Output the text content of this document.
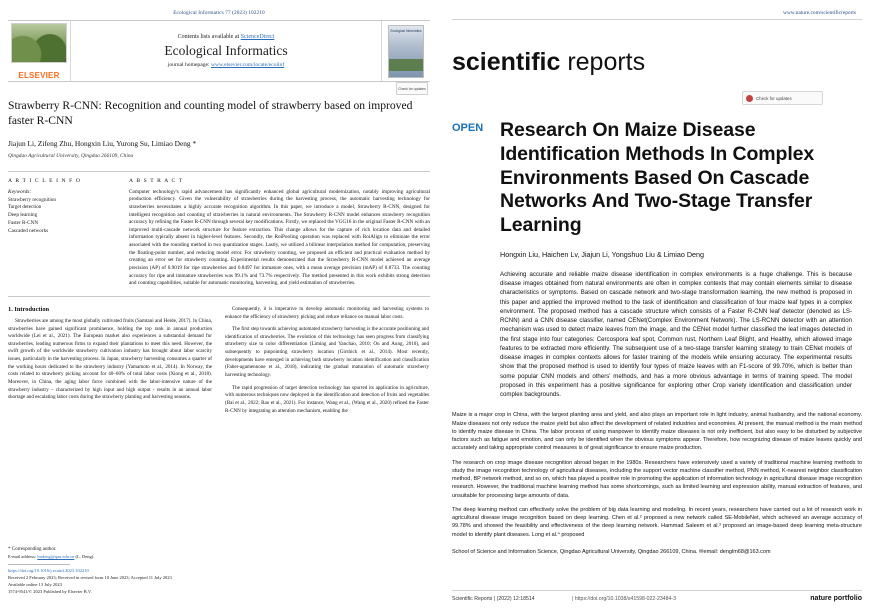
Ecological Informatics 77 (2023) 102210
ELSEVIER
Contents lists available at ScienceDirect
Ecological Informatics
journal homepage: www.elsevier.com/locate/ecolinf
Ecological Informatics
Check for updates
Strawberry R-CNN: Recognition and counting model of strawberry based on improved faster R-CNN
Jiajun Li, Zifeng Zhu, Hongxin Liu, Yurong Su, Limiao Deng *
Qingdao Agricultural University, Qingdao 266109, China
A R T I C L E I N F O
Keywords:
Strawberry recognition
Target detection
Deep learning
Faster R-CNN
Cascaded networks
A B S T R A C T
Computer technology's rapid advancement has significantly enhanced global agricultural modernization, notably improving agricultural production efficiency. Given the vulnerability of strawberries during the harvesting process, the automatic harvesting technology for strawberries necessitates a highly accurate recognition algorithm. In this paper, we introduce a model, Strawberry R-CNN, designed for intelligent recognition and counting of strawberries in natural environments. The Strawberry R-CNN model enhances strawberry recognition accuracy by refining the Faster R-CNN through several key modifications. Firstly, we replaced the VGG16 in the original Faster R-CNN with an improved multi-cascade network structure for feature extraction. This change allows for the capture of rich location data and detailed information typically absent in higher-level features. Secondly, the RoiPooling operation was replaced with RoiAlign to eliminate the error associated with the rounding method in two quantization stages. Lastly, we utilized a bilinear interpolation method for computation, preserving the floating-point number, and reducing model error. For strawberry counting, we proposed an efficient and practical evaluation method by creating an error set for strawberry counting. Experimental results demonstrated that the Strawberry R-CNN model achieved an average precision (AP) of 0.9019 for ripe strawberries and 0.8497 for immature ones, with a mean average precision (mAP) of 0.8733. The counting accuracy for ripe and immature strawberries was 99.1% and 73.7% respectively. The method presented in this work exhibits strong detection and counting capabilities, suitable for automatic monitoring, harvesting, and yield estimation of strawberries.
1. Introduction
Strawberries are among the most globally cultivated fruits (Samtani and Heide, 2017). In China, strawberries have gained significant prominence, holding the top rank in annual production worldwide (Lei et al., 2021). The European market also experiences a substantial demand for strawberries, leading numerous firms to expand their plantations to meet this need. However, the swift growth of the worldwide strawberry cultivation industry has brought about labor scarcity issues, particularly in the harvesting process. In Japan, strawberry harvesting consumes a quarter of the working hours dedicated to the strawberry industry (Yamamoto et al., 2014). In Norway, the costs related to strawberry picking account for 40–60% of total labor costs (Xiong et al., 2018). Moreover, in China, the aging labor force combined with the labor-intensive nature of the strawberry industry – characterized by high input and high output - results in an annual labor shortage and escalating labor costs during the strawberry planting and harvesting seasons.
Consequently, it is imperative to develop automatic monitoring and harvesting systems to enhance the efficiency of strawberry picking and reduce reliance on manual labor costs.
The first step towards achieving automated strawberry harvesting is the accurate positioning and identification of strawberries. The evolution of this technology has seen progress from classifying strawberry size to color differentiation (Liming and Yanchao, 2010; Ou and Aung, 2010), and subsequently to pinpointing strawberry location (Girshick et al., 2014). Most recently, developments have emerged in achieving both strawberry location identification and classification (Faber-agamennone et al., 2018), indicating the gradual maturation of automatic strawberry harvesting technology.
The rapid progression of target detection technology has spurred its application in agriculture, with numerous techniques now deployed in the identification and detection of fruits and vegetables (Bai et al., 2022; Rao et al., 2021). For instance, Wang et al., (Wang et al., 2020) refined the Faster R-CNN by integrating an attention mechanism, enabling the
* Corresponding author.
E-mail address: lmdeng@qau.edu.cn (L. Deng).
https://doi.org/10.1016/j.ecoinf.2023.102210
Received 2 February 2023; Received in revised form 10 June 2023; Accepted 11 July 2023
Available online 13 July 2023
1574-9541/© 2023 Published by Elsevier B.V.
www.nature.com/scientificreports
scientific reports
Check for updates
OPEN Research On Maize Disease Identification Methods In Complex Environments Based On Cascade Networks And Two-Stage Transfer Learning
Hongxin Liu, Haichen Lv, Jiajun Li, Yongshuo Liu & Limiao Deng
Achieving accurate and reliable maize disease identification in complex environments is a huge challenge. This is because disease images obtained from natural environments are often in complex contexts that may contain elements similar to disease characteristics or symptoms. Based on cascade network and two-stage transformation learning, the new method is proposed in this paper and applied the improved method to the task of identification and classification of four maize leaf types in a complex environment. The proposed method has a cascade structure which consists of a Faster R-CNN leaf detector (denoted as LS-RCNN) and a CNN disease classifier, named CENet(Complex Environment Network). The LS-RCNN detector with an attention mechanism was used to detect maize leaves from the image, and the CENet model further classified the leaf images detected in the first stage into four categories: Cercospora leaf spot, Common rust, Northern Leaf Blight, and Healthy, which allowed image features to be extracted more efficiently. The subsequent use of a two-stage transfer learning strategy to train CENet models of disease images in complex contexts allows for faster training of the models while ensuring accuracy. The experimental results show that the proposed method is used to identify four types of maize leaves with an F1-score of 99.70%, which is better than some popular CNN models and others' methods, and has a more obvious advantage in terms of training speed. The model proposed in this experiment has a positive significance for exploring other Crop variety identification and classification under complex backgrounds.

Maize is a major crop in China, with the largest planting area and yield, and also plays an important role in light industry, animal husbandry, and the national economy. Maize diseases not only reduce the maize yield but also affect the development of related industries and economies. At present, the manual method is the main method to identify maize disease in China. The labor process of using manpower to identify maize diseases is not only inefficient, but also easy to be disturbed by subjective factors such as fatigue and emotion, and can only be identified when the obvious symptoms appear. Therefore, how recognizing disease of maize leaves quickly and accurately and taking appropriate control measures is of great significance to ensure maize production.

The research on crop image disease recognition abroad began in the 1980s. Researchers have extensively used a variety of traditional machine learning methods to study the image recognition technology of agricultural diseases, including the support vector machine classifier method, PNN method, K-nearest neighbor classification method, BP network method, and so on, which has played a positive role in promoting the application of information technology in agricultural disease image recognition research. However, the traditional machine learning method has some shortcomings, such as limited learning and expression ability, manual extraction of features, and unsuitable for processing large amounts of data.

The deep learning method can effectively solve the problem of big data learning and modeling. In recent years, researchers have carried out a lot of research work in agricultural disease image recognition based on deep learning. Chen et al.² proposed a new network called SE-MobileNet, which achieved an average accuracy of 99.78% and showed the feasibility and effectiveness of the deep learning network. Hammad Saleem et al.³ proposed an image-based deep learning meta-structure model to identify plant diseases. Long et al.⁴ proposed

School of Science and Information Science, Qingdao Agricultural University, Qingdao 266109, China. ✉email: denglm68@163.com
Scientific Reports | (2022) 12:18514	| https://doi.org/10.1038/s41598-022-23484-3	nature portfolio
